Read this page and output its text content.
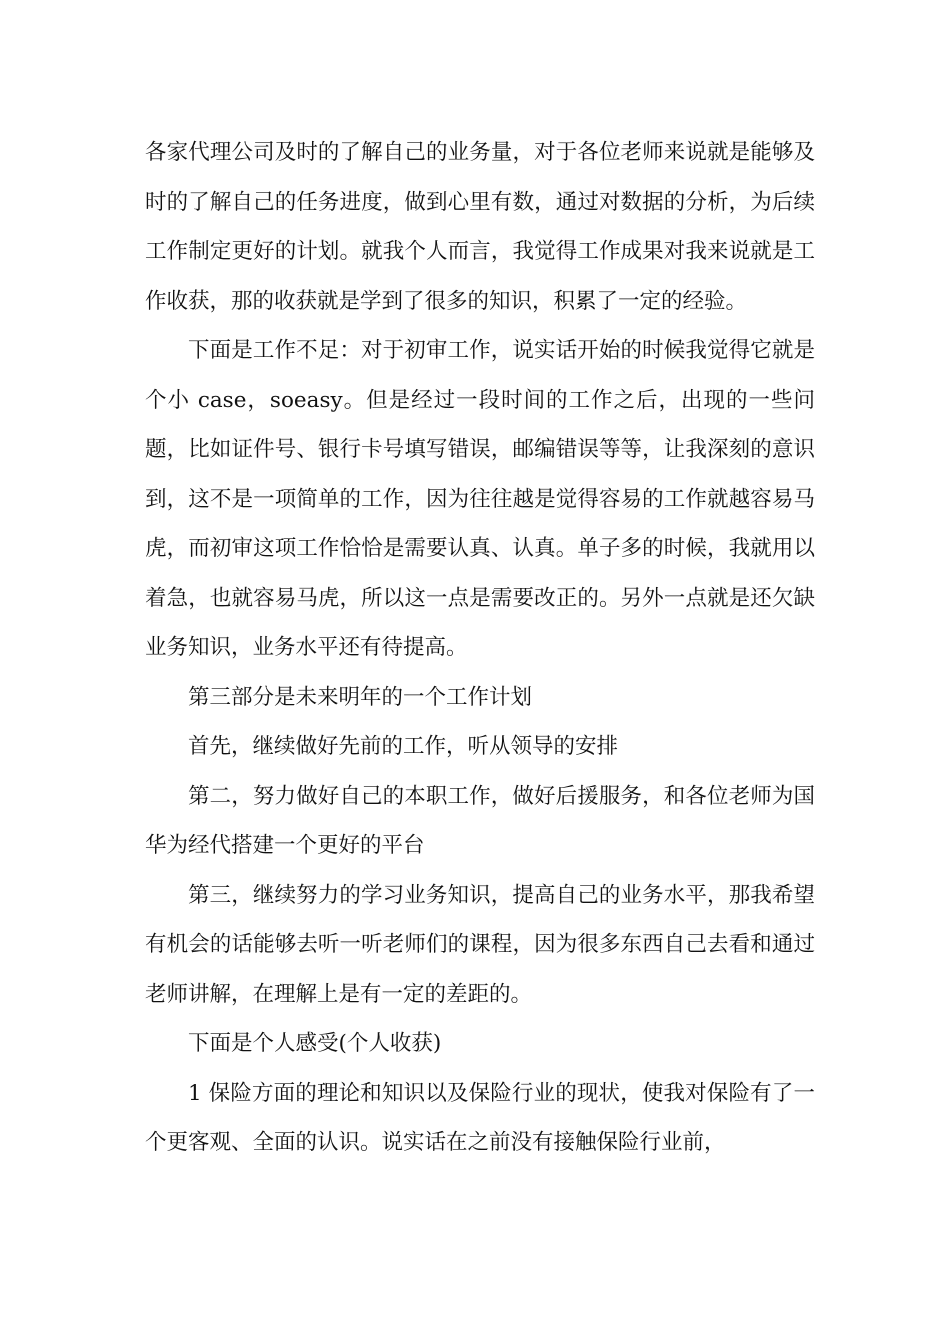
各家代理公司及时的了解自己的业务量，对于各位老师来说就是能够及时的了解自己的任务进度，做到心里有数，通过对数据的分析，为后续工作制定更好的计划。就我个人而言，我觉得工作成果对我来说就是工作收获，那的收获就是学到了很多的知识，积累了一定的经验。

下面是工作不足：对于初审工作，说实话开始的时候我觉得它就是个小 case，soeasy。但是经过一段时间的工作之后，出现的一些问题，比如证件号、银行卡号填写错误，邮编错误等等，让我深刻的意识到，这不是一项简单的工作，因为往往越是觉得容易的工作就越容易马虎，而初审这项工作恰恰是需要认真、认真。单子多的时候，我就用以着急，也就容易马虎，所以这一点是需要改正的。另外一点就是还欠缺业务知识，业务水平还有待提高。

第三部分是未来明年的一个工作计划

首先，继续做好先前的工作，听从领导的安排

第二，努力做好自己的本职工作，做好后援服务，和各位老师为国华为经代搭建一个更好的平台

第三，继续努力的学习业务知识，提高自己的业务水平，那我希望有机会的话能够去听一听老师们的课程，因为很多东西自己去看和通过老师讲解，在理解上是有一定的差距的。

下面是个人感受(个人收获)

1 保险方面的理论和知识以及保险行业的现状，使我对保险有了一个更客观、全面的认识。说实话在之前没有接触保险行业前，
